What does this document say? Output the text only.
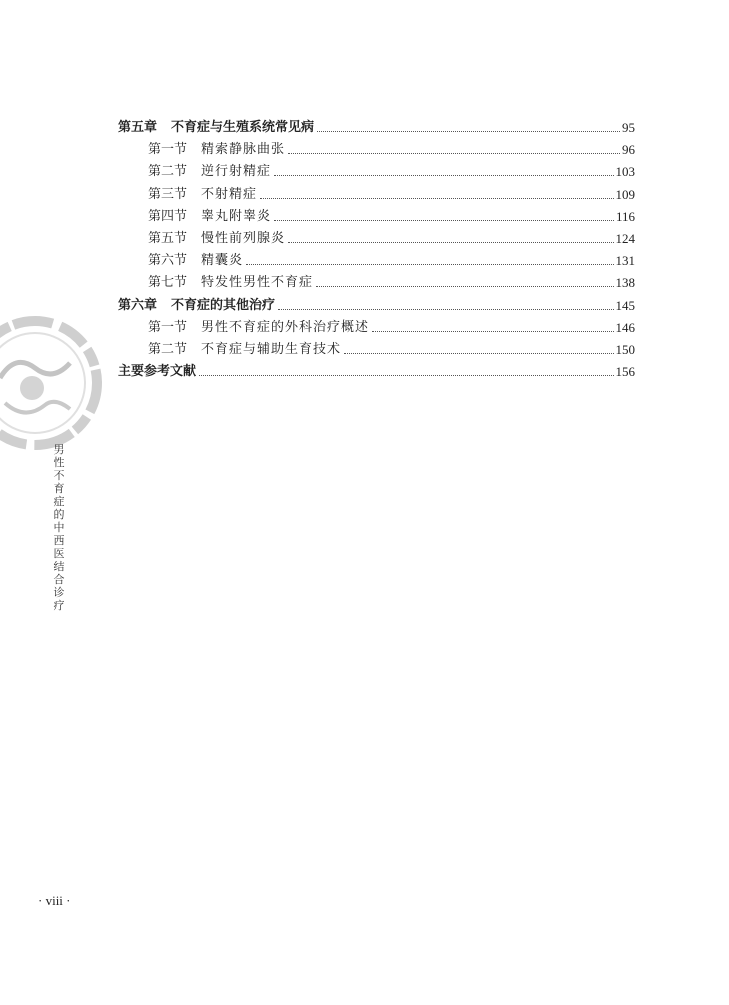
第五章 不育症与生殖系统常见病	95
第一节 精索静脉曲张	96
第二节 逆行射精症	103
第三节 不射精症	109
第四节 睾丸附睾炎	116
第五节 慢性前列腺炎	124
第六节 精囊炎	131
第七节 特发性男性不育症	138
第六章 不育症的其他治疗	145
第一节 男性不育症的外科治疗概述	146
第二节 不育症与辅助生育技术	150
主要参考文献	156
男
性
不
育
症
的
中
西
医
结
合
诊
疗
· viii ·
